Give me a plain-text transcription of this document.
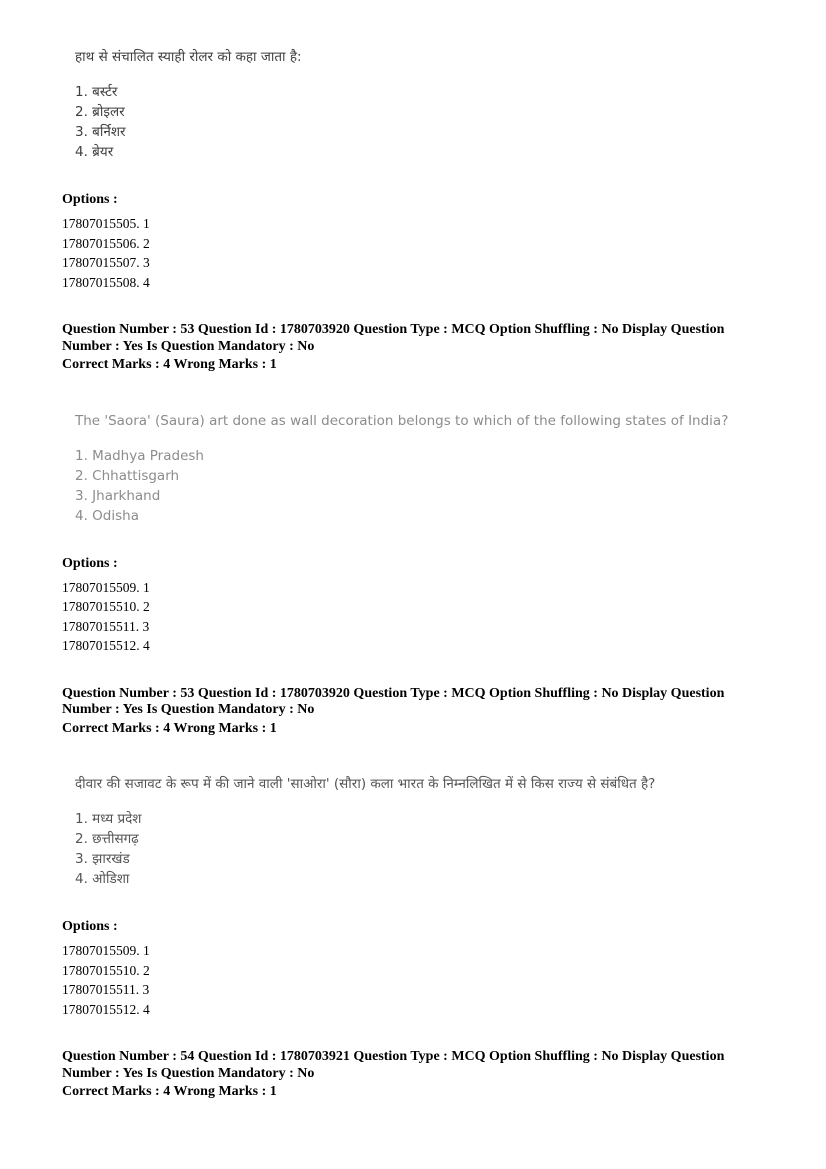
हाथ से संचालित स्याही रोलर को कहा जाता है:

1. बर्स्टर
2. ब्रोइलर
3. बर्निशर
4. ब्रेयर

Options :

17807015505. 1
17807015506. 2
17807015507. 3
17807015508. 4

Question Number : 53 Question Id : 1780703920 Question Type : MCQ Option Shuffling : No Display Question Number : Yes Is Question Mandatory : No

Correct Marks : 4 Wrong Marks : 1

The 'Saora' (Saura) art done as wall decoration belongs to which of the following states of India?

1. Madhya Pradesh
2. Chhattisgarh
3. Jharkhand
4. Odisha

Options :

17807015509. 1
17807015510. 2
17807015511. 3
17807015512. 4

Question Number : 53 Question Id : 1780703920 Question Type : MCQ Option Shuffling : No Display Question Number : Yes Is Question Mandatory : No

Correct Marks : 4 Wrong Marks : 1

दीवार की सजावट के रूप में की जाने वाली 'साओरा' (सौरा) कला भारत के निम्नलिखित में से किस राज्य से संबंधित है?

1. मध्य प्रदेश
2. छत्तीसगढ़
3. झारखंड
4. ओडिशा

Options :

17807015509. 1
17807015510. 2
17807015511. 3
17807015512. 4

Question Number : 54 Question Id : 1780703921 Question Type : MCQ Option Shuffling : No Display Question Number : Yes Is Question Mandatory : No

Correct Marks : 4 Wrong Marks : 1
